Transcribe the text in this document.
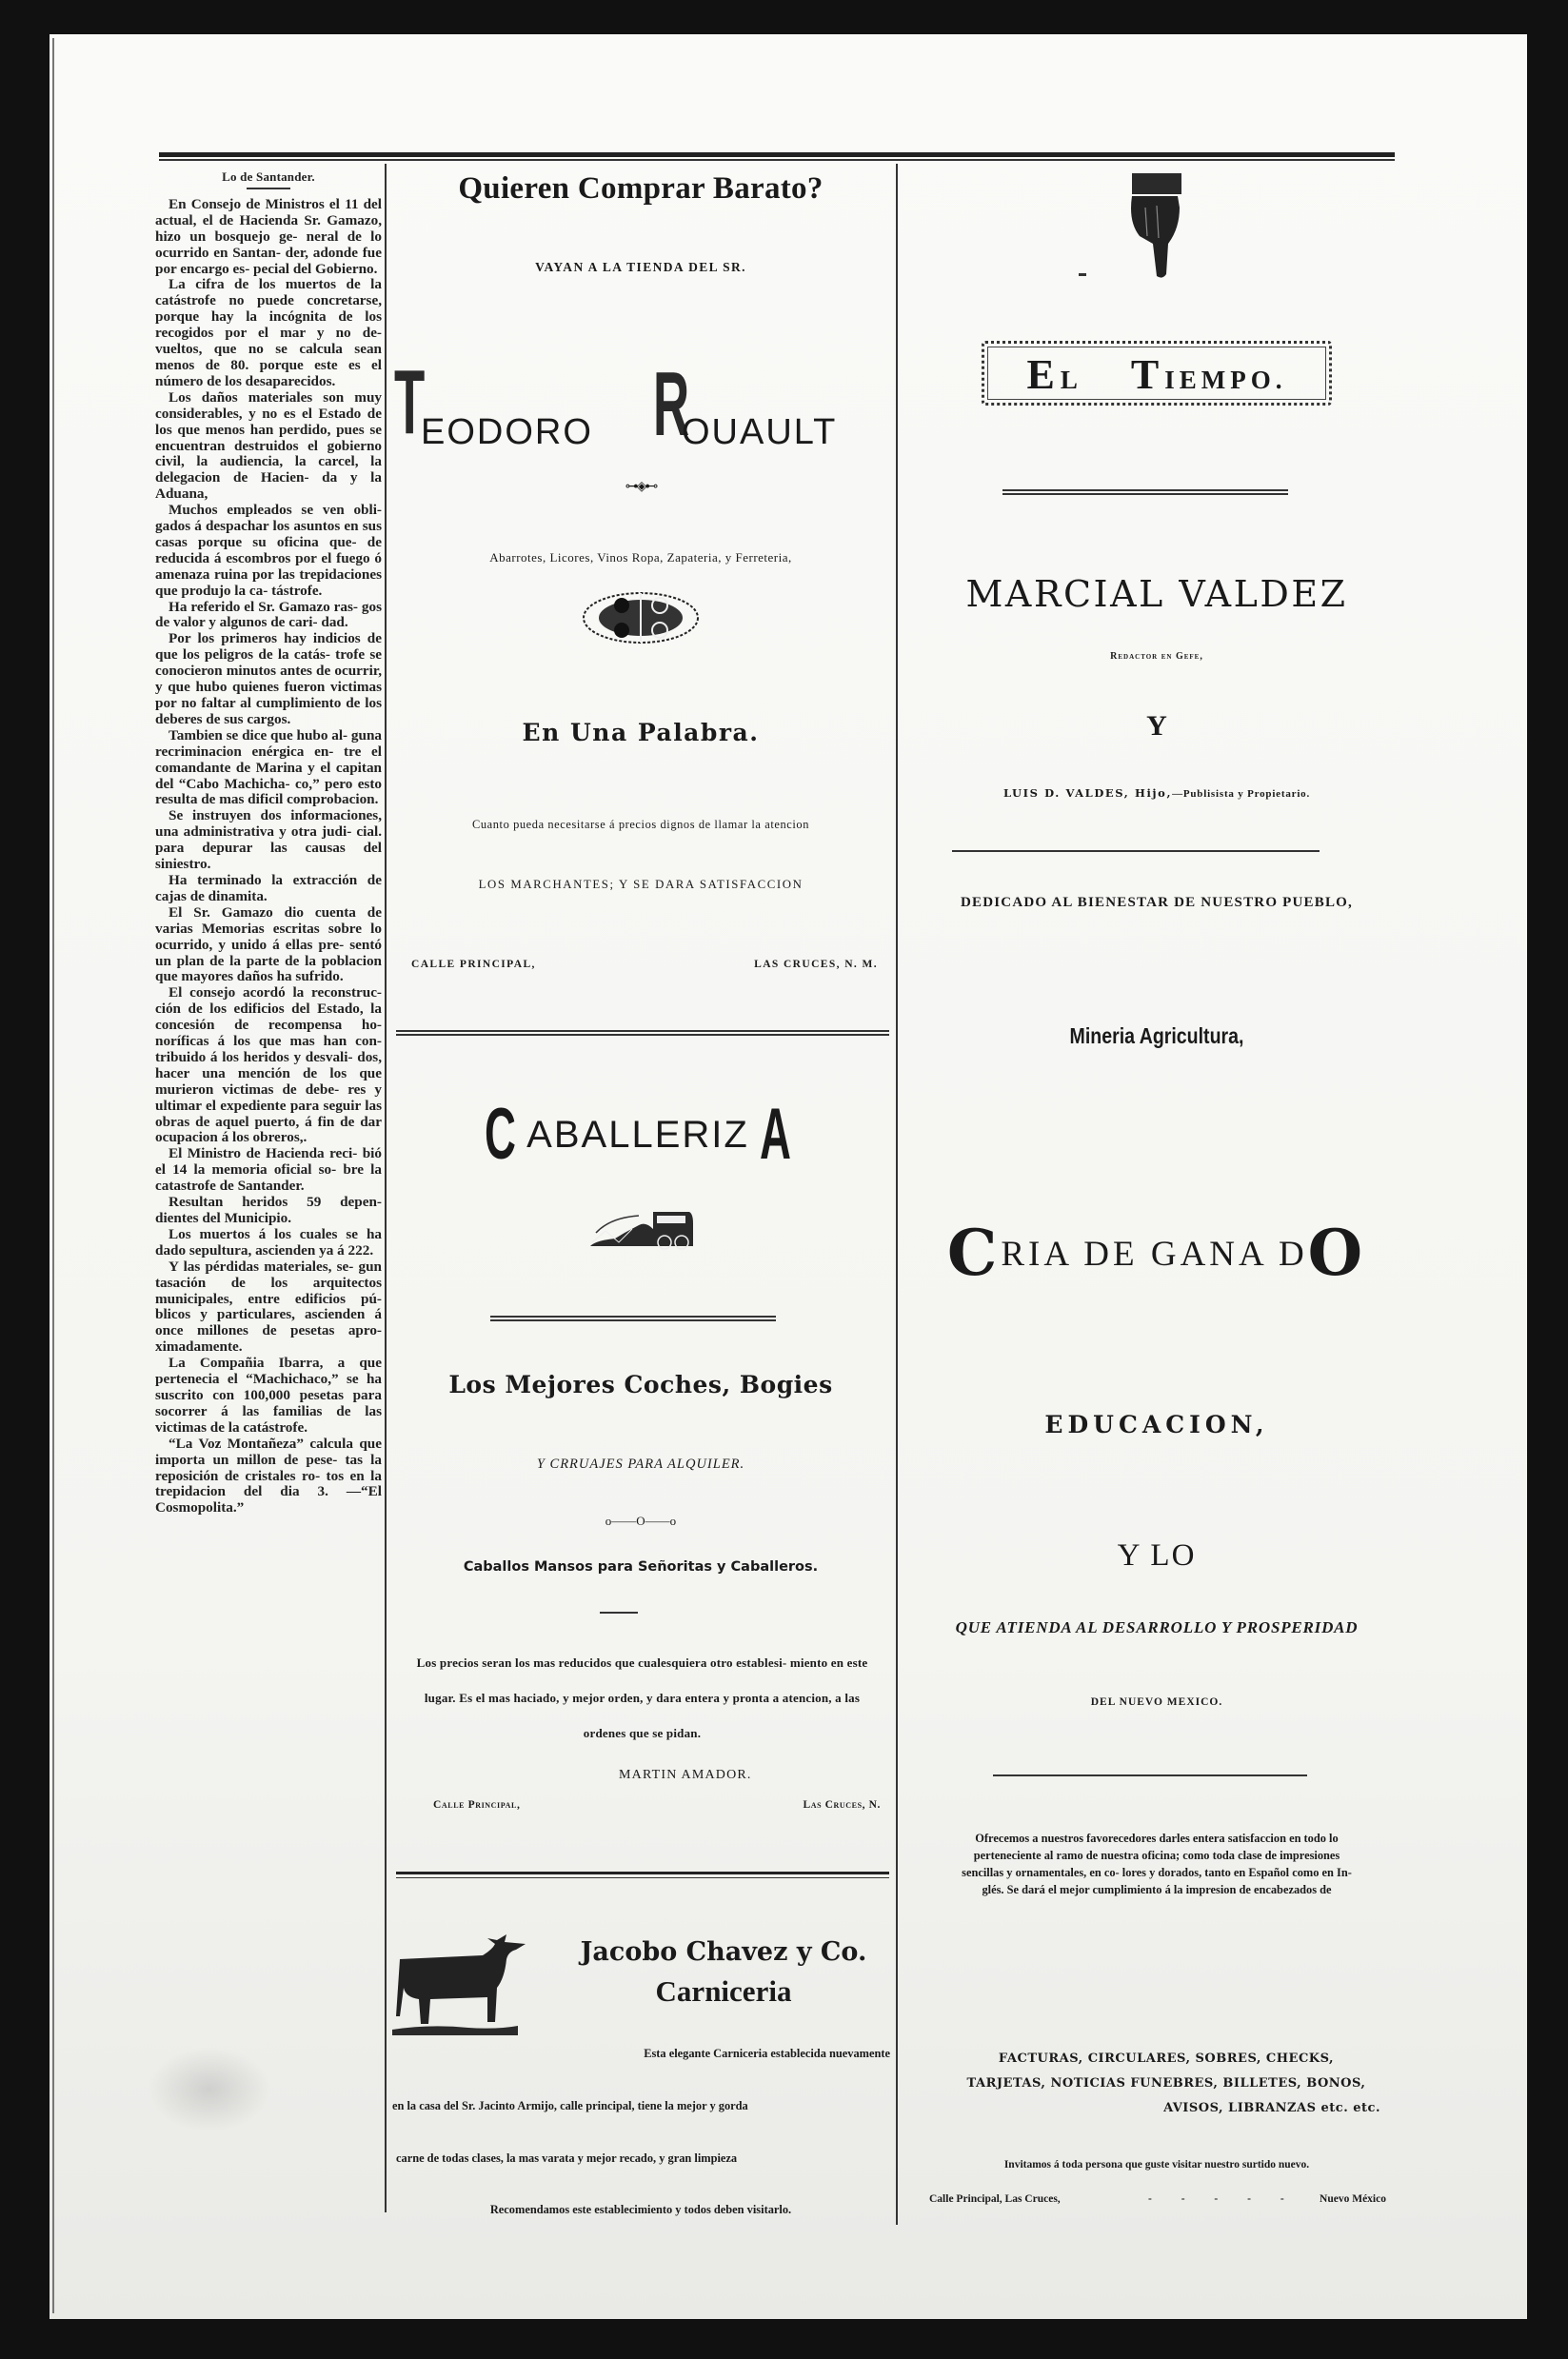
Lo de Santander.

En Consejo de Ministros el 11 del actual, el de Hacienda Sr. Gamazo, hizo un bosquejo ge- neral de lo ocurrido en Santan- der, adonde fue por encargo es- pecial del Gobierno.

La cifra de los muertos de la catástrofe no puede concretarse, porque hay la incógnita de los recogidos por el mar y no de- vueltos, que no se calcula sean menos de 80. porque este es el número de los desaparecidos.

Los daños materiales son muy considerables, y no es el Estado de los que menos han perdido, pues se encuentran destruidos el gobierno civil, la audiencia, la carcel, la delegacion de Hacien- da y la Aduana,

Muchos empleados se ven obli- gados á despachar los asuntos en sus casas porque su oficina que- de reducida á escombros por el fuego ó amenaza ruina por las trepidaciones que produjo la ca- tástrofe.

Ha referido el Sr. Gamazo ras- gos de valor y algunos de cari- dad.

Por los primeros hay indicios de que los peligros de la catás- trofe se conocieron minutos antes de ocurrir, y que hubo quienes fueron victimas por no faltar al cumplimiento de los deberes de sus cargos.

Tambien se dice que hubo al- guna recriminacion enérgica en- tre el comandante de Marina y el capitan del “Cabo Machicha- co,” pero esto resulta de mas dificil comprobacion.

Se instruyen dos informaciones, una administrativa y otra judi- cial. para depurar las causas del siniestro.

Ha terminado la extracción de cajas de dinamita.

El Sr. Gamazo dio cuenta de varias Memorias escritas sobre lo ocurrido, y unido á ellas pre- sentó un plan de la parte de la poblacion que mayores daños ha sufrido.

El consejo acordó la reconstruc- ción de los edificios del Estado, la concesión de recompensa ho- noríficas á los que mas han con- tribuido á los heridos y desvali- dos, hacer una mención de los que murieron victimas de debe- res y ultimar el expediente para seguir las obras de aquel puerto, á fin de dar ocupacion á los obreros,.

El Ministro de Hacienda reci- bió el 14 la memoria oficial so- bre la catastrofe de Santander.

Resultan heridos 59 depen- dientes del Municipio.

Los muertos á los cuales se ha dado sepultura, ascienden ya á 222.

Y las pérdidas materiales, se- gun tasación de los arquitectos municipales, entre edificios pú- blicos y particulares, ascienden á once millones de pesetas apro- ximadamente.

La Compañia Ibarra, a que pertenecia el “Machichaco,” se ha suscrito con 100,000 pesetas para socorrer á las familias de las victimas de la catástrofe.

“La Voz Montañeza” calcula que importa un millon de pese- tas la reposición de cristales ro- tos en la trepidacion del dia 3. —“El Cosmopolita.”

Quieren Comprar Barato?
VAYAN A LA TIENDA DEL SR.
T
EODORO R
OUAULT
⊶◈⊷
Abarrotes, Licores, Vinos Ropa, Zapateria, y Ferreteria,
En Una Palabra.
Cuanto pueda necesitarse á precios dignos de llamar la atencion
LOS MARCHANTES; Y SE DARA SATISFACCION
CALLE PRINCIPAL,	LAS CRUCES, N. M.
CABALLERIZ A
Los Mejores Coches, Bogies
Y CRRUAJES PARA ALQUILER.
o——O——o
Caballos Mansos para Señoritas y Caballeros.
Los precios seran los mas reducidos que cualesquiera otro establesi- miento en este lugar. Es el mas haciado, y mejor orden, y dara entera y pronta a atencion, a las ordenes que se pidan.
MARTIN AMADOR.
Calle Principal,	Las Cruces, N.
Jacobo Chavez y Co.
Carniceria
Esta elegante Carniceria establecida nuevamente
en la casa del Sr. Jacinto Armijo, calle principal, tiene la mejor y gorda
carne de todas clases, la mas varata y mejor recado, y gran limpieza
Recomendamos este establecimiento y todos deben visitarlo.
EL TIEMPO.
MARCIAL VALDEZ
Redactor en Gefe,
Y
LUIS D. VALDES, Hijo,—Publisista y Propietario.
DEDICADO AL BIENESTAR DE NUESTRO PUEBLO,
Mineria Agricultura,
CRIA DE GANA DO
EDUCACION,
Y LO
QUE ATIENDA AL DESARROLLO Y PROSPERIDAD
DEL NUEVO MEXICO.
Ofrecemos a nuestros favorecedores darles entera satisfaccion en todo lo perteneciente al ramo de nuestra oficina; como toda clase de impresiones sencillas y ornamentales, en co- lores y dorados, tanto en Español como en In- glés. Se dará el mejor cumplimiento á la impresion de encabezados de
FACTURAS, CIRCULARES, SOBRES, CHECKS,
TARJETAS, NOTICIAS FUNEBRES, BILLETES, BONOS,
AVISOS, LIBRANZAS etc. etc.
Invitamos á toda persona que guste visitar nuestro surtido nuevo.
Calle Principal, Las Cruces,	- - - - - Nuevo México
